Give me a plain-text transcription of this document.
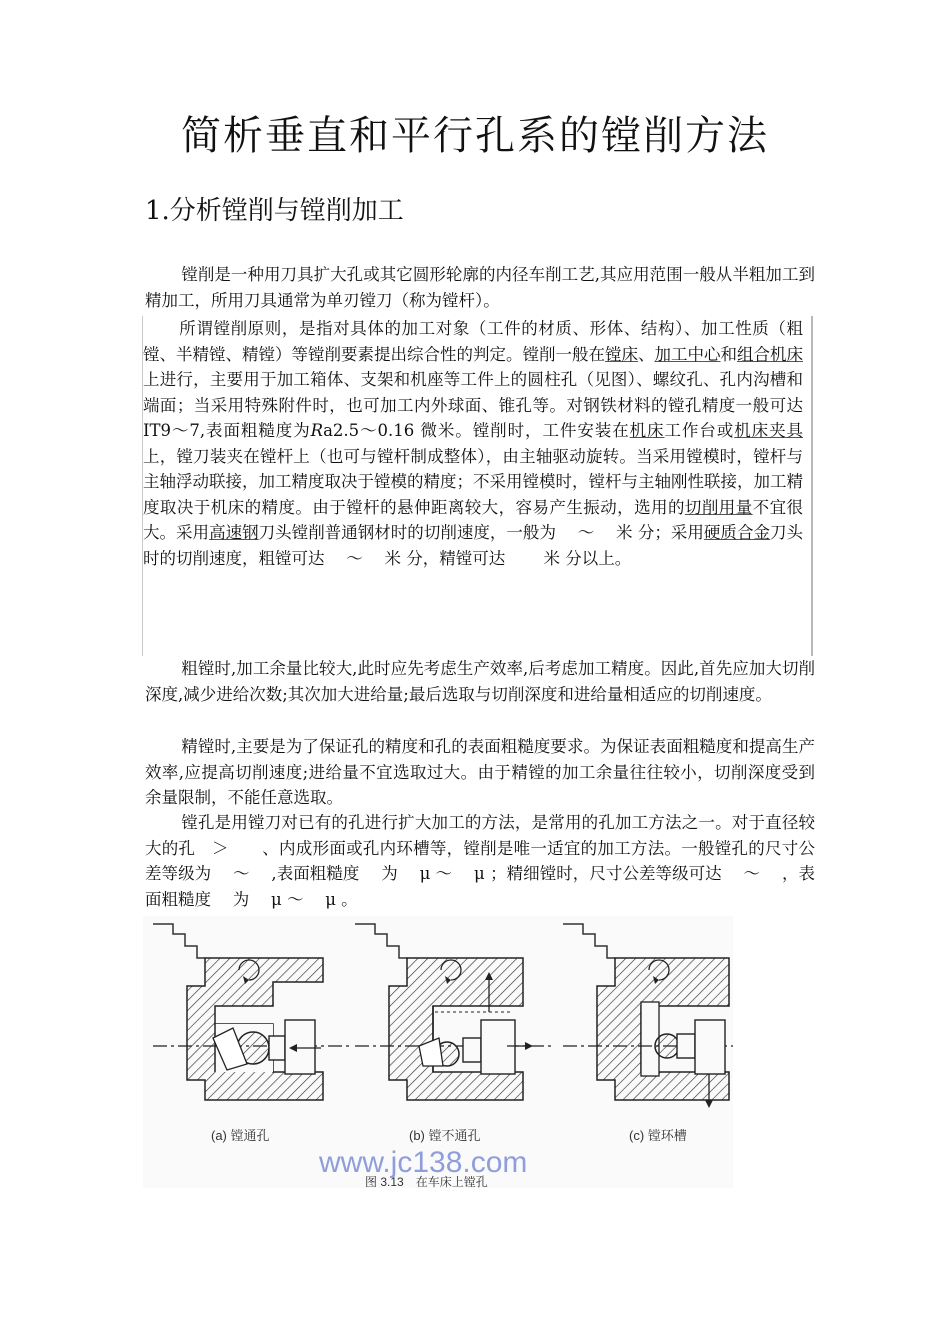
简析垂直和平行孔系的镗削方法
1.分析镗削与镗削加工

镗削是一种用刀具扩大孔或其它圆形轮廓的内径车削工艺,其应用范围一般从半粗加工到精加工，所用刀具通常为单刃镗刀（称为镗杆）。

所谓镗削原则，是指对具体的加工对象（工件的材质、形体、结构）、加工性质（粗镗、半精镗、精镗）等镗削要素提出综合性的判定。镗削一般在镗床、加工中心和组合机床上进行，主要用于加工箱体、支架和机座等工件上的圆柱孔（见图）、螺纹孔、孔内沟槽和端面；当采用特殊附件时，也可加工内外球面、锥孔等。对钢铁材料的镗孔精度一般可达 IT9～7,表面粗糙度为Ra2.5～0.16 微米。镗削时，工件安装在机床工作台或机床夹具上，镗刀装夹在镗杆上（也可与镗杆制成整体），由主轴驱动旋转。当采用镗模时，镗杆与主轴浮动联接，加工精度取决于镗模的精度；不采用镗模时，镗杆与主轴刚性联接，加工精度取决于机床的精度。由于镗杆的悬伸距离较大，容易产生振动，选用的切削用量不宜很大。采用高速钢刀头镗削普通钢材时的切削速度，一般为　 ～ 　米 分；采用硬质合金刀头时的切削速度，粗镗可达　 ～ 　米 分，精镗可达　 　米 分以上。

粗镗时,加工余量比较大,此时应先考虑生产效率,后考虑加工精度。因此,首先应加大切削深度,减少进给次数;其次加大进给量;最后选取与切削深度和进给量相适应的切削速度。

精镗时,主要是为了保证孔的精度和孔的表面粗糙度要求。为保证表面粗糙度和提高生产效率,应提高切削速度;进给量不宜选取过大。由于精镗的加工余量往往较小，切削深度受到余量限制，不能任意选取。

镗孔是用镗刀对已有的孔进行扩大加工的方法，是常用的孔加工方法之一。对于直径较大的孔　＞　　、内成形面或孔内环槽等，镗削是唯一适宜的加工方法。一般镗孔的尺寸公差等级为　 ～ 　,表面粗糙度　 为　 μ ～ 　μ ；精细镗时，尺寸公差等级可达　 ～ 　，表面粗糙度　 为　 μ ～ 　μ 。

(a) 镗通孔	(b) 镗不通孔	(c) 镗环槽
www.jc138.com
图 3.13　在车床上镗孔
